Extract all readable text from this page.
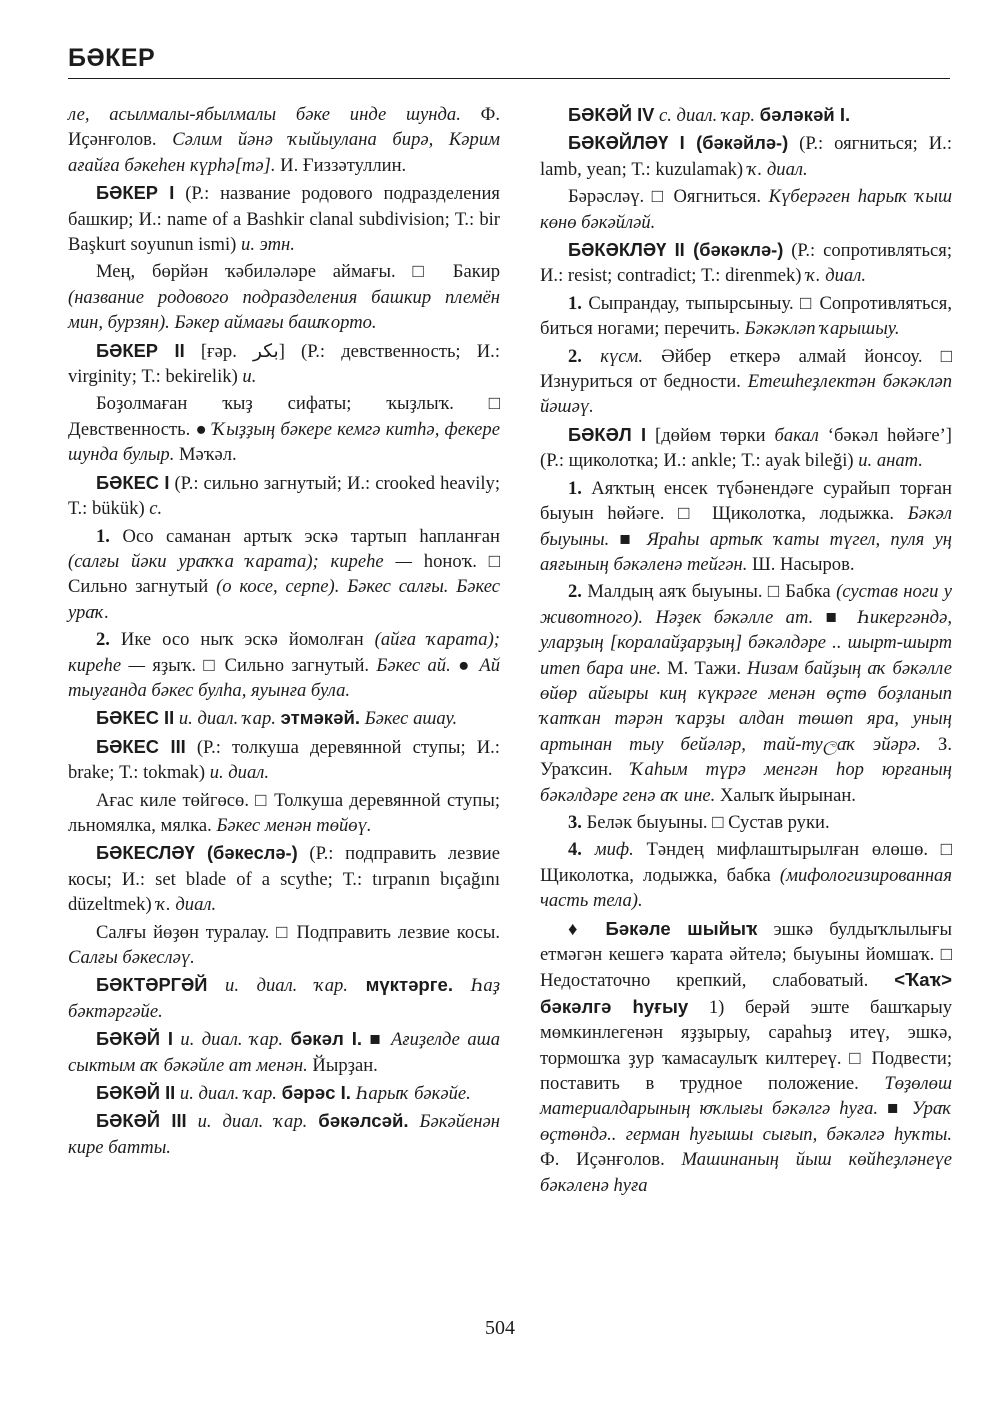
БӘКЕР

ле, асылмалы-ябылмалы бәке инде шунда. Ф. Иҫәнғолов. Сәлим йәнә ҡыйыулана бирә, Кәрим ағайға бәкеһен күрһә[тә]. И. Ғиззәтуллин.

БӘКЕР I (Р.: название родового подразделения башкир; И.: name of a Bashkir clanal subdivision; Т.: bir Başkurt soyunun ismi) и. этн.

Мең, бөрйән ҡәбиләләре аймағы. □ Бакир (название родового подразделения башкир племён мин, бурзян). Бәкер аймағы башҡорто.

БӘКЕР II [ғәр. بكر] (Р.: девственность; И.: virginity; Т.: bekirelik) и.

Боҙолмаған ҡыҙ сифаты; ҡыҙлыҡ. □ Девственность. ● Ҡыҙҙың бәкере кемгә китһә, фекере шунда булыр. Мәҡәл.

БӘКЕС I (Р.: сильно загнутый; И.: crooked heavily; Т.: bükük) с.

1. Осо саманан артыҡ эскә тартып һапланған (салғы йәки ураҡҡа ҡарата); киреһе — һоноҡ. □ Сильно загнутый (о косе, серпе). Бәкес салғы. Бәкес ураҡ.

2. Ике осо ныҡ эскә йомолған (айға ҡарата); киреһе — яҙыҡ. □ Сильно загнутый. Бәкес ай. ● Ай тыуғанда бәкес булһа, яуынға була.

БӘКЕС II и. диал. ҡар. этмәкәй. Бәкес ашау.

БӘКЕС III (Р.: толкуша деревянной ступы; И.: brake; Т.: tokmak) и. диал.

Ағас киле төйгөсө. □ Толкуша деревянной ступы; льномялка, мялка. Бәкес менән төйөү.

БӘКЕСЛӘҮ (бәкеслә-) (Р.: подправить лезвие косы; И.: set blade of a scythe; Т.: tırpanın bıçağını düzeltmek) ҡ. диал.

Салғы йөҙөн туралау. □ Подправить лезвие косы. Салғы бәкесләү.

БӘКТӘРГӘЙ и. диал. ҡар. мүктәрге. Һаҙ бәктәргәйе.

БӘКӘЙ I и. диал. ҡар. бәкәл I. ■ Ағиҙелде аша сыктым аҡ бәкәйле ат менән. Йырҙан.

БӘКӘЙ II и. диал. ҡар. бәрәс I. Һарыҡ бәкәйе.

БӘКӘЙ III и. диал. ҡар. бәкәлсәй. Бәкәйенән кире батты.

БӘКӘЙ IV с. диал. ҡар. бәләкәй I.

БӘКӘЙЛӘҮ I (бәкәйлә-) (Р.: оягниться; И.: lamb, yean; Т.: kuzulamak) ҡ. диал.

Бәрәсләү. □ Оягниться. Күберәген һарыҡ ҡыш көнө бәкәйләй.

БӘКӘКЛӘҮ II (бәкәклә-) (Р.: сопротивляться; И.: resist; contradict; Т.: direnmek) ҡ. диал.

1. Сыпрандау, тыпырсыныу. □ Сопротивляться, биться ногами; перечить. Бәкәкләп ҡарышыу.

2. күсм. Әйбер еткерә алмай йонсоу. □ Изнуриться от бедности. Етешһеҙлектән бәкәкләп йәшәү.

БӘКӘЛ I [дөйөм төрки бакал ‘бәкәл һөйәге’] (Р.: щиколотка; И.: ankle; Т.: ayak bileği) и. анат.

1. Аяҡтың енсек түбәнендәге сурайып торған быуын һөйәге. □ Щиколотка, лодыжка. Бәкәл быуыны. ■ Яраһы артыҡ ҡаты түгел, пуля уң аяғының бәкәленә тейгән. Ш. Насыров.

2. Малдың аяҡ быуыны. □ Бабка (сустав ноги у животного). Нәҙек бәкәлле ат. ■ Һикергәндә, уларҙың [коралайҙарҙың] бәкәлдәре .. шырт-шырт итеп бара ине. М. Тажи. Низам байҙың аҡ бәкәлле өйөр айғыры киң күкрәге менән өҫтө боҙланып ҡатҡан тәрән ҡарҙы алдан төшөп яра, уның артынан тыу бейәләр, тай-туලаҡ эйәрә. З. Ураҡсин. Ҡаһым түрә менгән һор юрғаның бәкәлдәре генә аҡ ине. Халыҡ йырынан.

3. Беләк быуыны. □ Сустав руки.

4. миф. Тәндең мифлаштырылған өлөшө. □ Щиколотка, лодыжка, бабка (мифологизированная часть тела).

♦ Бәкәле шыйыҡ эшкә булдыҡлылығы етмәгән кешегә ҡарата әйтелә; быуыны йомшаҡ. □ Недостаточно крепкий, слабоватый. <Ҡаҡ> бәкәлгә һуғыу 1) берәй эште башҡарыу мөмкинлегенән яҙҙырыу, сараһыҙ итеү, эшкә, тормошҡа ҙур ҡамасаулыҡ килтереү. □ Подвести; поставить в трудное положение. Төҙөлөш материалдарының юҡлығы бәкәлгә һуға. ■ Ураҡ өҫтөндә.. герман һуғышы сығып, бәкәлгә һуҡты. Ф. Иҫәнғолов. Машинаның йыш көйһеҙләнеүе бәкәленә һуға

504
